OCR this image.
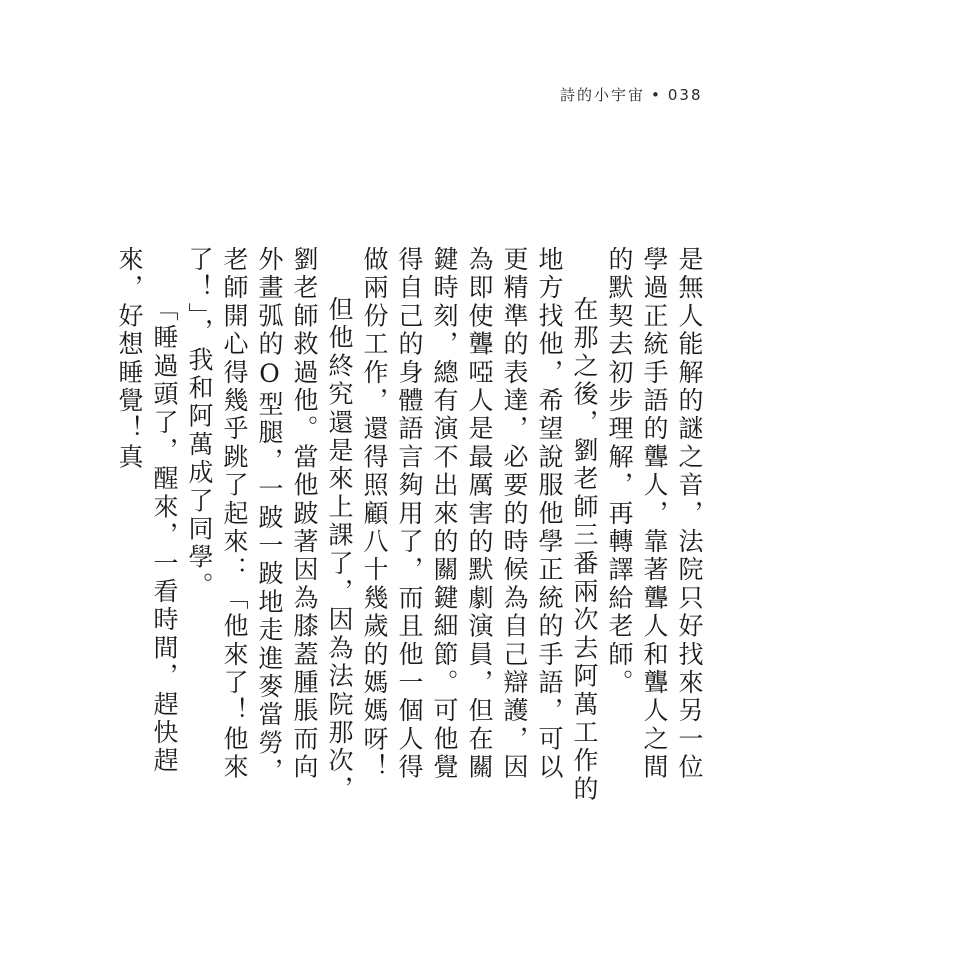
詩的小宇宙 • 038

是無人能解的謎之音，法院只好找來另一位學過正統手語的聾人，靠著聾人和聾人之間的默契去初步理解，再轉譯給老師。

在那之後，劉老師三番兩次去阿萬工作的地方找他，希望說服他學正統的手語，可以更精準的表達，必要的時候為自己辯護，因為即使聾啞人是最厲害的默劇演員，但在關鍵時刻，總有演不出來的關鍵細節。可他覺得自己的身體語言夠用了，而且他一個人得做兩份工作，還得照顧八十幾歲的媽媽呀！

但他終究還是來上課了，因為法院那次，劉老師救過他。當他跛著因為膝蓋腫脹而向外畫弧的O型腿，一跛一跛地走進麥當勞，老師開心得幾乎跳了起來：「他來了！他來了！」，我和阿萬成了同學。

「睡過頭了，醒來，一看時間，趕快趕來，好想睡覺！真
